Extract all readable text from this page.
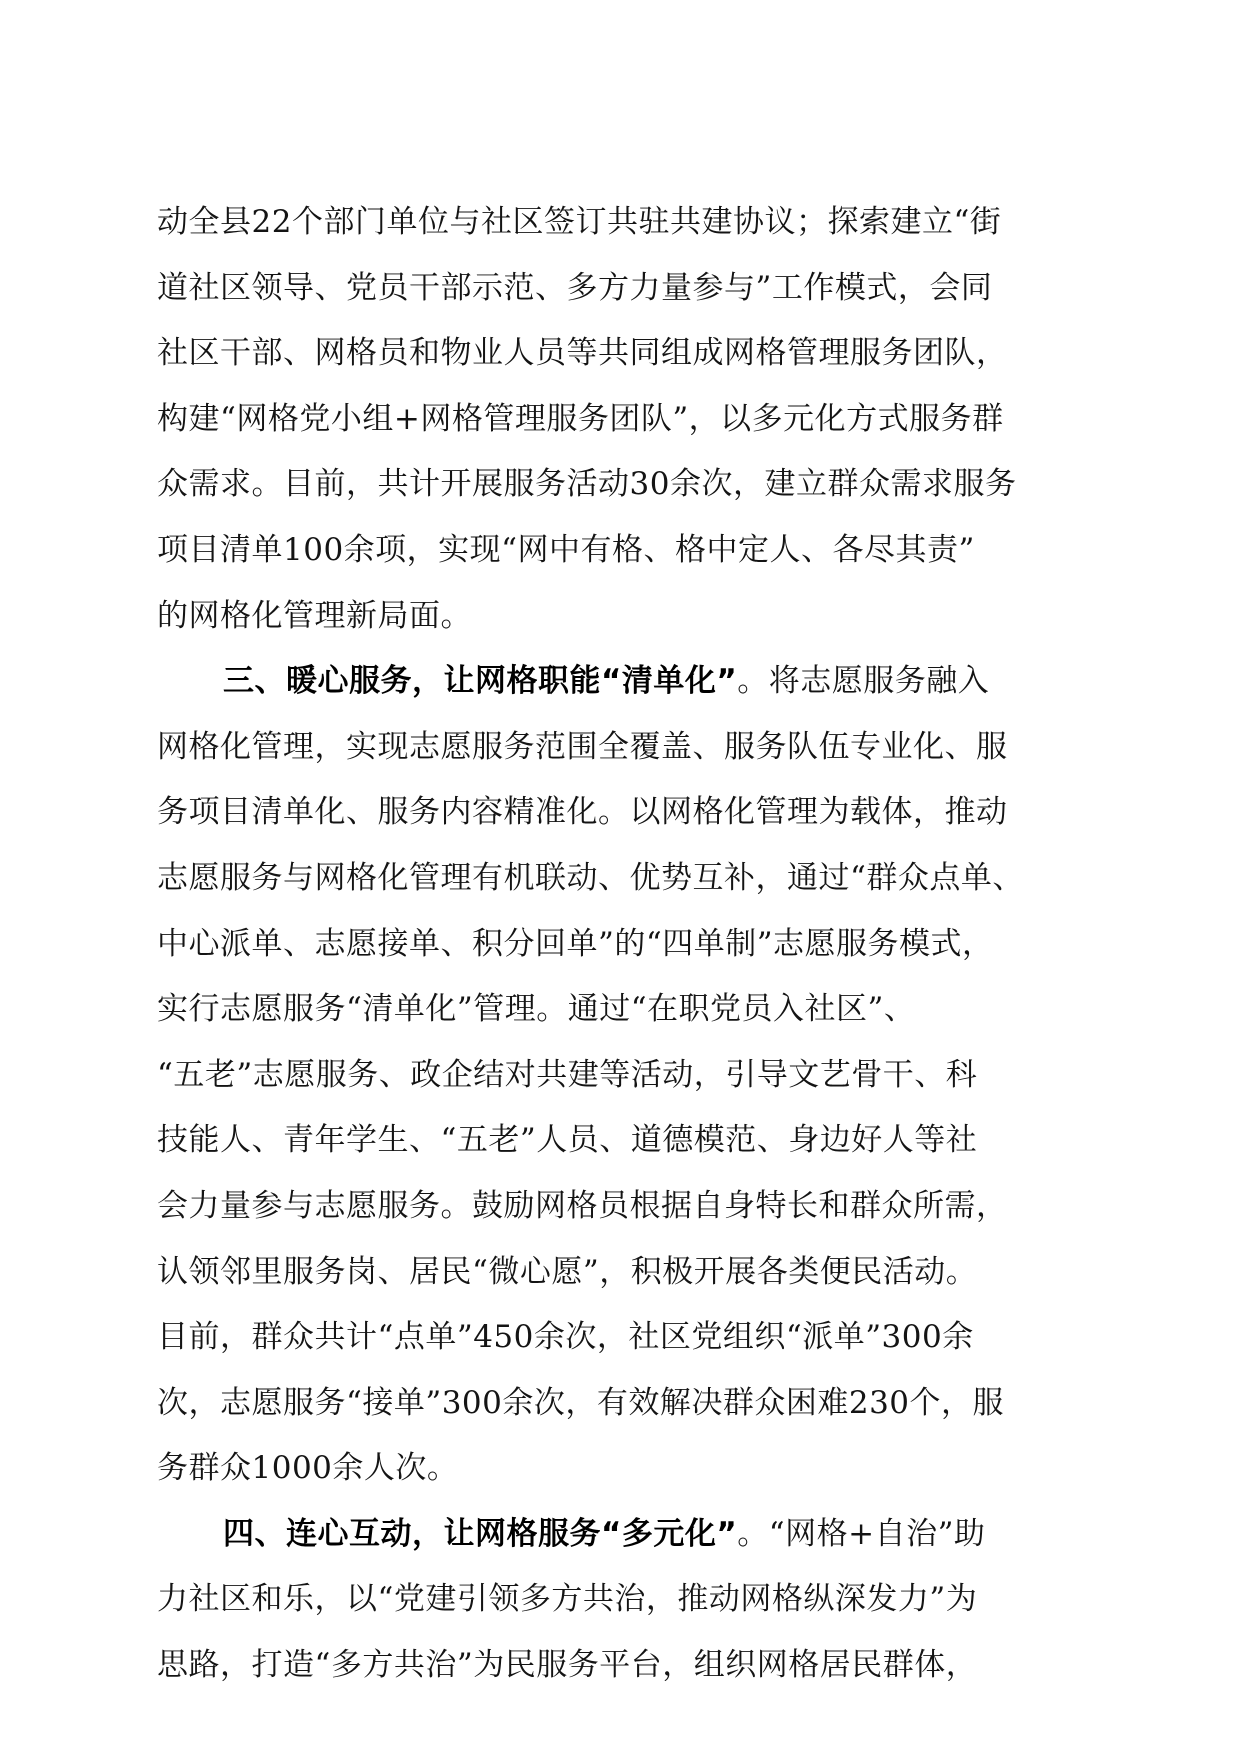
动全县22个部门单位与社区签订共驻共建协议；探索建立“街
道社区领导、党员干部示范、多方力量参与”工作模式，会同
社区干部、网格员和物业人员等共同组成网格管理服务团队，
构建“网格党小组+网格管理服务团队”，以多元化方式服务群
众需求。目前，共计开展服务活动30余次，建立群众需求服务
项目清单100余项，实现“网中有格、格中定人、各尽其责”
的网格化管理新局面。
三、暖心服务，让网格职能“清单化”。将志愿服务融入
网格化管理，实现志愿服务范围全覆盖、服务队伍专业化、服
务项目清单化、服务内容精准化。以网格化管理为载体，推动
志愿服务与网格化管理有机联动、优势互补，通过“群众点单、
中心派单、志愿接单、积分回单”的“四单制”志愿服务模式，
实行志愿服务“清单化”管理。通过“在职党员入社区”、
“五老”志愿服务、政企结对共建等活动，引导文艺骨干、科
技能人、青年学生、“五老”人员、道德模范、身边好人等社
会力量参与志愿服务。鼓励网格员根据自身特长和群众所需，
认领邻里服务岗、居民“微心愿”，积极开展各类便民活动。
目前，群众共计“点单”450余次，社区党组织“派单”300余
次，志愿服务“接单”300余次，有效解决群众困难230个，服
务群众1000余人次。
四、连心互动，让网格服务“多元化”。“网格+自治”助
力社区和乐，以“党建引领多方共治，推动网格纵深发力”为
思路，打造“多方共治”为民服务平台，组织网格居民群体，
